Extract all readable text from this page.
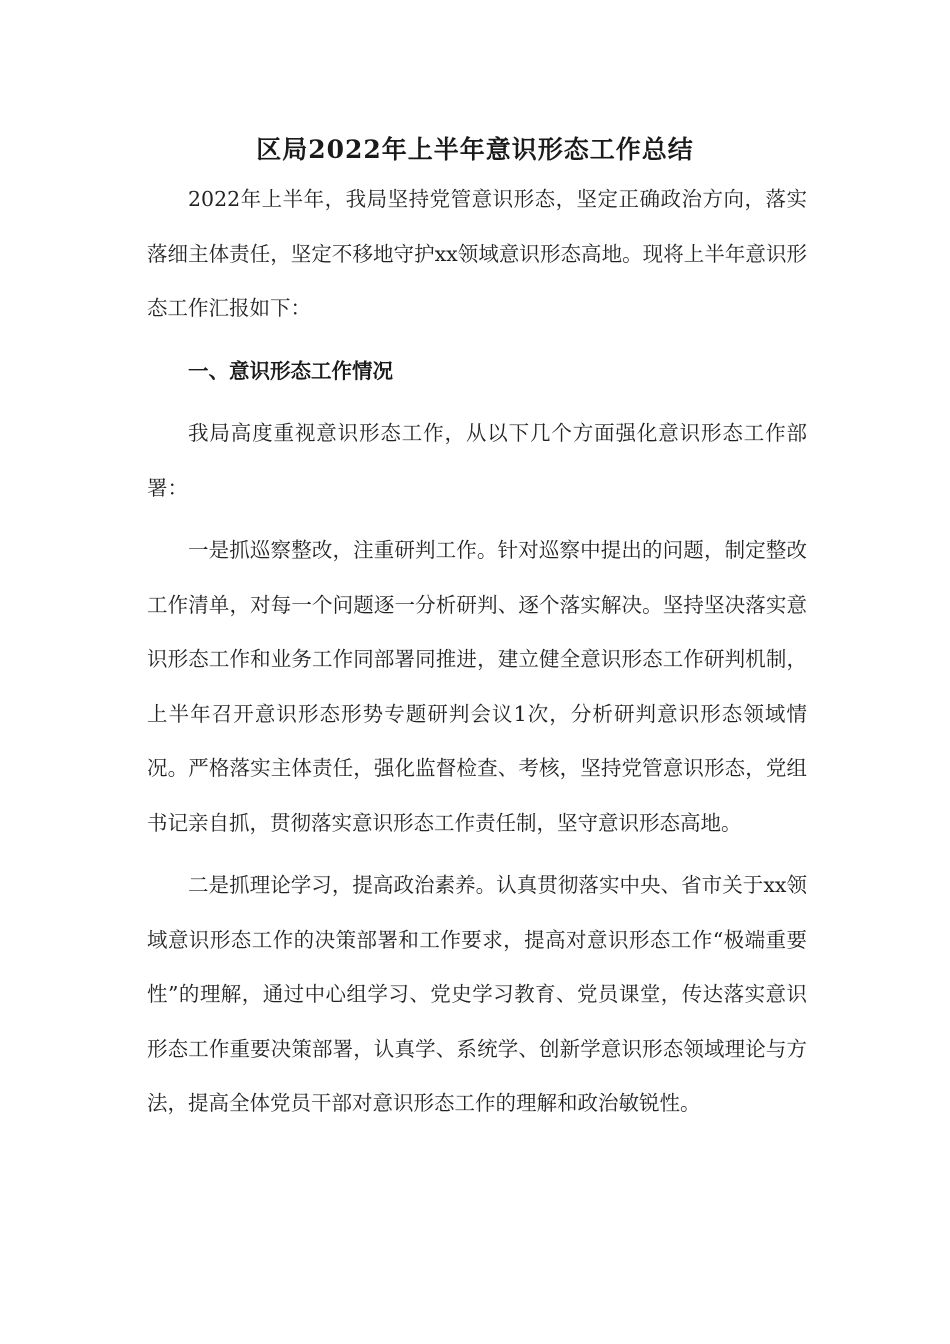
区局2022年上半年意识形态工作总结

2022年上半年，我局坚持党管意识形态，坚定正确政治方向，落实落细主体责任，坚定不移地守护xx领域意识形态高地。现将上半年意识形态工作汇报如下：

一、意识形态工作情况

我局高度重视意识形态工作，从以下几个方面强化意识形态工作部署：

一是抓巡察整改，注重研判工作。针对巡察中提出的问题，制定整改工作清单，对每一个问题逐一分析研判、逐个落实解决。坚持坚决落实意识形态工作和业务工作同部署同推进，建立健全意识形态工作研判机制，上半年召开意识形态形势专题研判会议1次，分析研判意识形态领域情况。严格落实主体责任，强化监督检查、考核，坚持党管意识形态，党组书记亲自抓，贯彻落实意识形态工作责任制，坚守意识形态高地。

二是抓理论学习，提高政治素养。认真贯彻落实中央、省市关于xx领域意识形态工作的决策部署和工作要求，提高对意识形态工作“极端重要性”的理解，通过中心组学习、党史学习教育、党员课堂，传达落实意识形态工作重要决策部署，认真学、系统学、创新学意识形态领域理论与方法，提高全体党员干部对意识形态工作的理解和政治敏锐性。
